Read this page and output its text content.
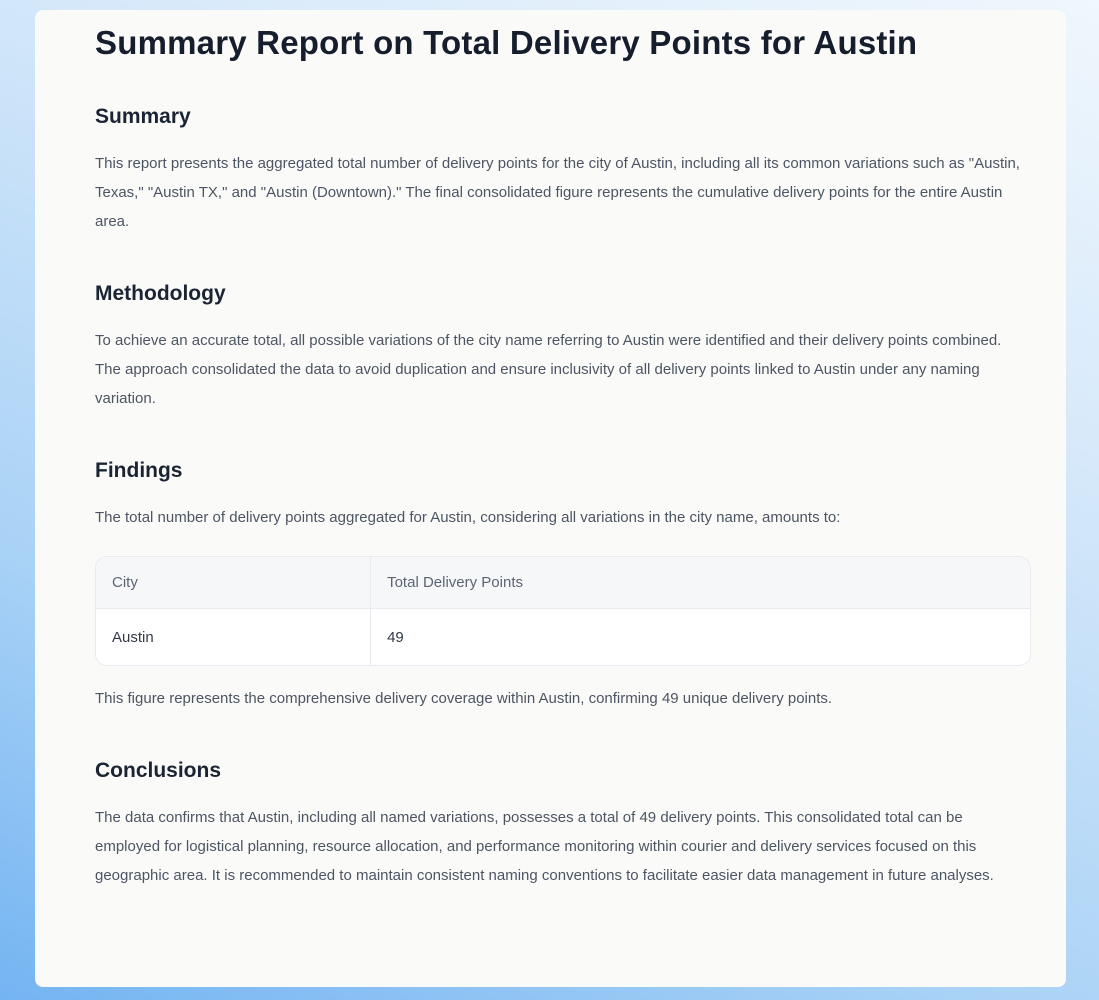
Summary Report on Total Delivery Points for Austin
Summary

This report presents the aggregated total number of delivery points for the city of Austin, including all its common variations such as "Austin, Texas," "Austin TX," and "Austin (Downtown)." The final consolidated figure represents the cumulative delivery points for the entire Austin area.

Methodology

To achieve an accurate total, all possible variations of the city name referring to Austin were identified and their delivery points combined. The approach consolidated the data to avoid duplication and ensure inclusivity of all delivery points linked to Austin under any naming variation.

Findings

The total number of delivery points aggregated for Austin, considering all variations in the city name, amounts to:

City	Total Delivery Points
Austin	49

This figure represents the comprehensive delivery coverage within Austin, confirming 49 unique delivery points.

Conclusions

The data confirms that Austin, including all named variations, possesses a total of 49 delivery points. This consolidated total can be employed for logistical planning, resource allocation, and performance monitoring within courier and delivery services focused on this geographic area. It is recommended to maintain consistent naming conventions to facilitate easier data management in future analyses.
